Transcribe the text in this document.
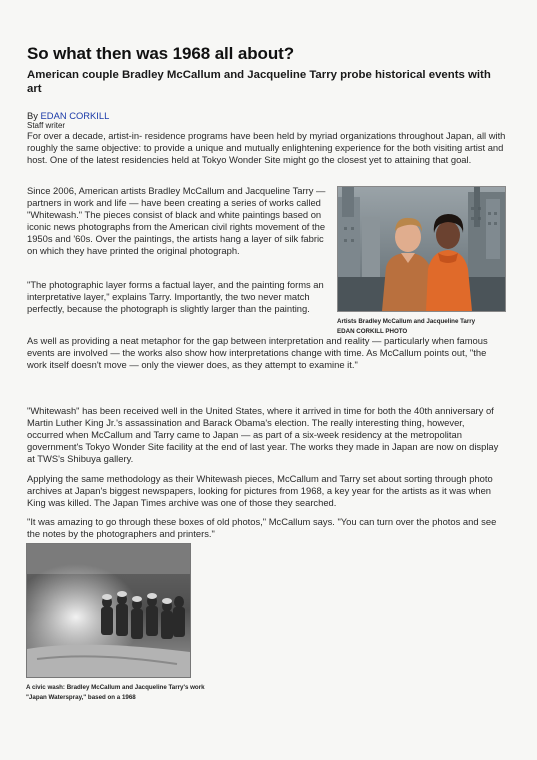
So what then was 1968 all about?
American couple Bradley McCallum and Jacqueline Tarry probe historical events with art
By EDAN CORKILL
Staff writer

For over a decade, artist-in- residence programs have been held by myriad organizations throughout Japan, all with roughly the same objective: to provide a unique and mutually enlightening experience for the both visiting artist and host. One of the latest residencies held at Tokyo Wonder Site might go the closest yet to attaining that goal.

Since 2006, American artists Bradley McCallum and Jacqueline Tarry — partners in work and life — have been creating a series of works called "Whitewash." The pieces consist of black and white paintings based on iconic news photographs from the American civil rights movement of the 1950s and '60s. Over the paintings, the artists hang a layer of silk fabric on which they have printed the original photograph.

"The photographic layer forms a factual layer, and the painting forms an interpretative layer," explains Tarry. Importantly, the two never match perfectly, because the photograph is slightly larger than the painting.

As well as providing a neat metaphor for the gap between interpretation and reality — particularly when famous events are involved — the works also show how interpretations change with time. As McCallum points out, "the work itself doesn't move — only the viewer does, as they attempt to examine it."

"Whitewash" has been received well in the United States, where it arrived in time for both the 40th anniversary of Martin Luther King Jr.'s assassination and Barack Obama's election. The really interesting thing, however, occurred when McCallum and Tarry came to Japan — as part of a six-week residency at the metropolitan government's Tokyo Wonder Site facility at the end of last year. The works they made in Japan are now on display at TWS's Shibuya gallery.

Applying the same methodology as their Whitewash pieces, McCallum and Tarry set about sorting through photo archives at Japan's biggest newspapers, looking for pictures from 1968, a key year for the artists as it was when King was killed. The Japan Times archive was one of those they searched.

"It was amazing to go through these boxes of old photos," McCallum says. "You can turn over the photos and see the notes by the photographers and printers."

Artists Bradley McCallum and Jacqueline Tarry
EDAN CORKILL PHOTO
A civic wash: Bradley McCallum and Jacqueline Tarry's work "Japan Waterspray," based on a 1968
